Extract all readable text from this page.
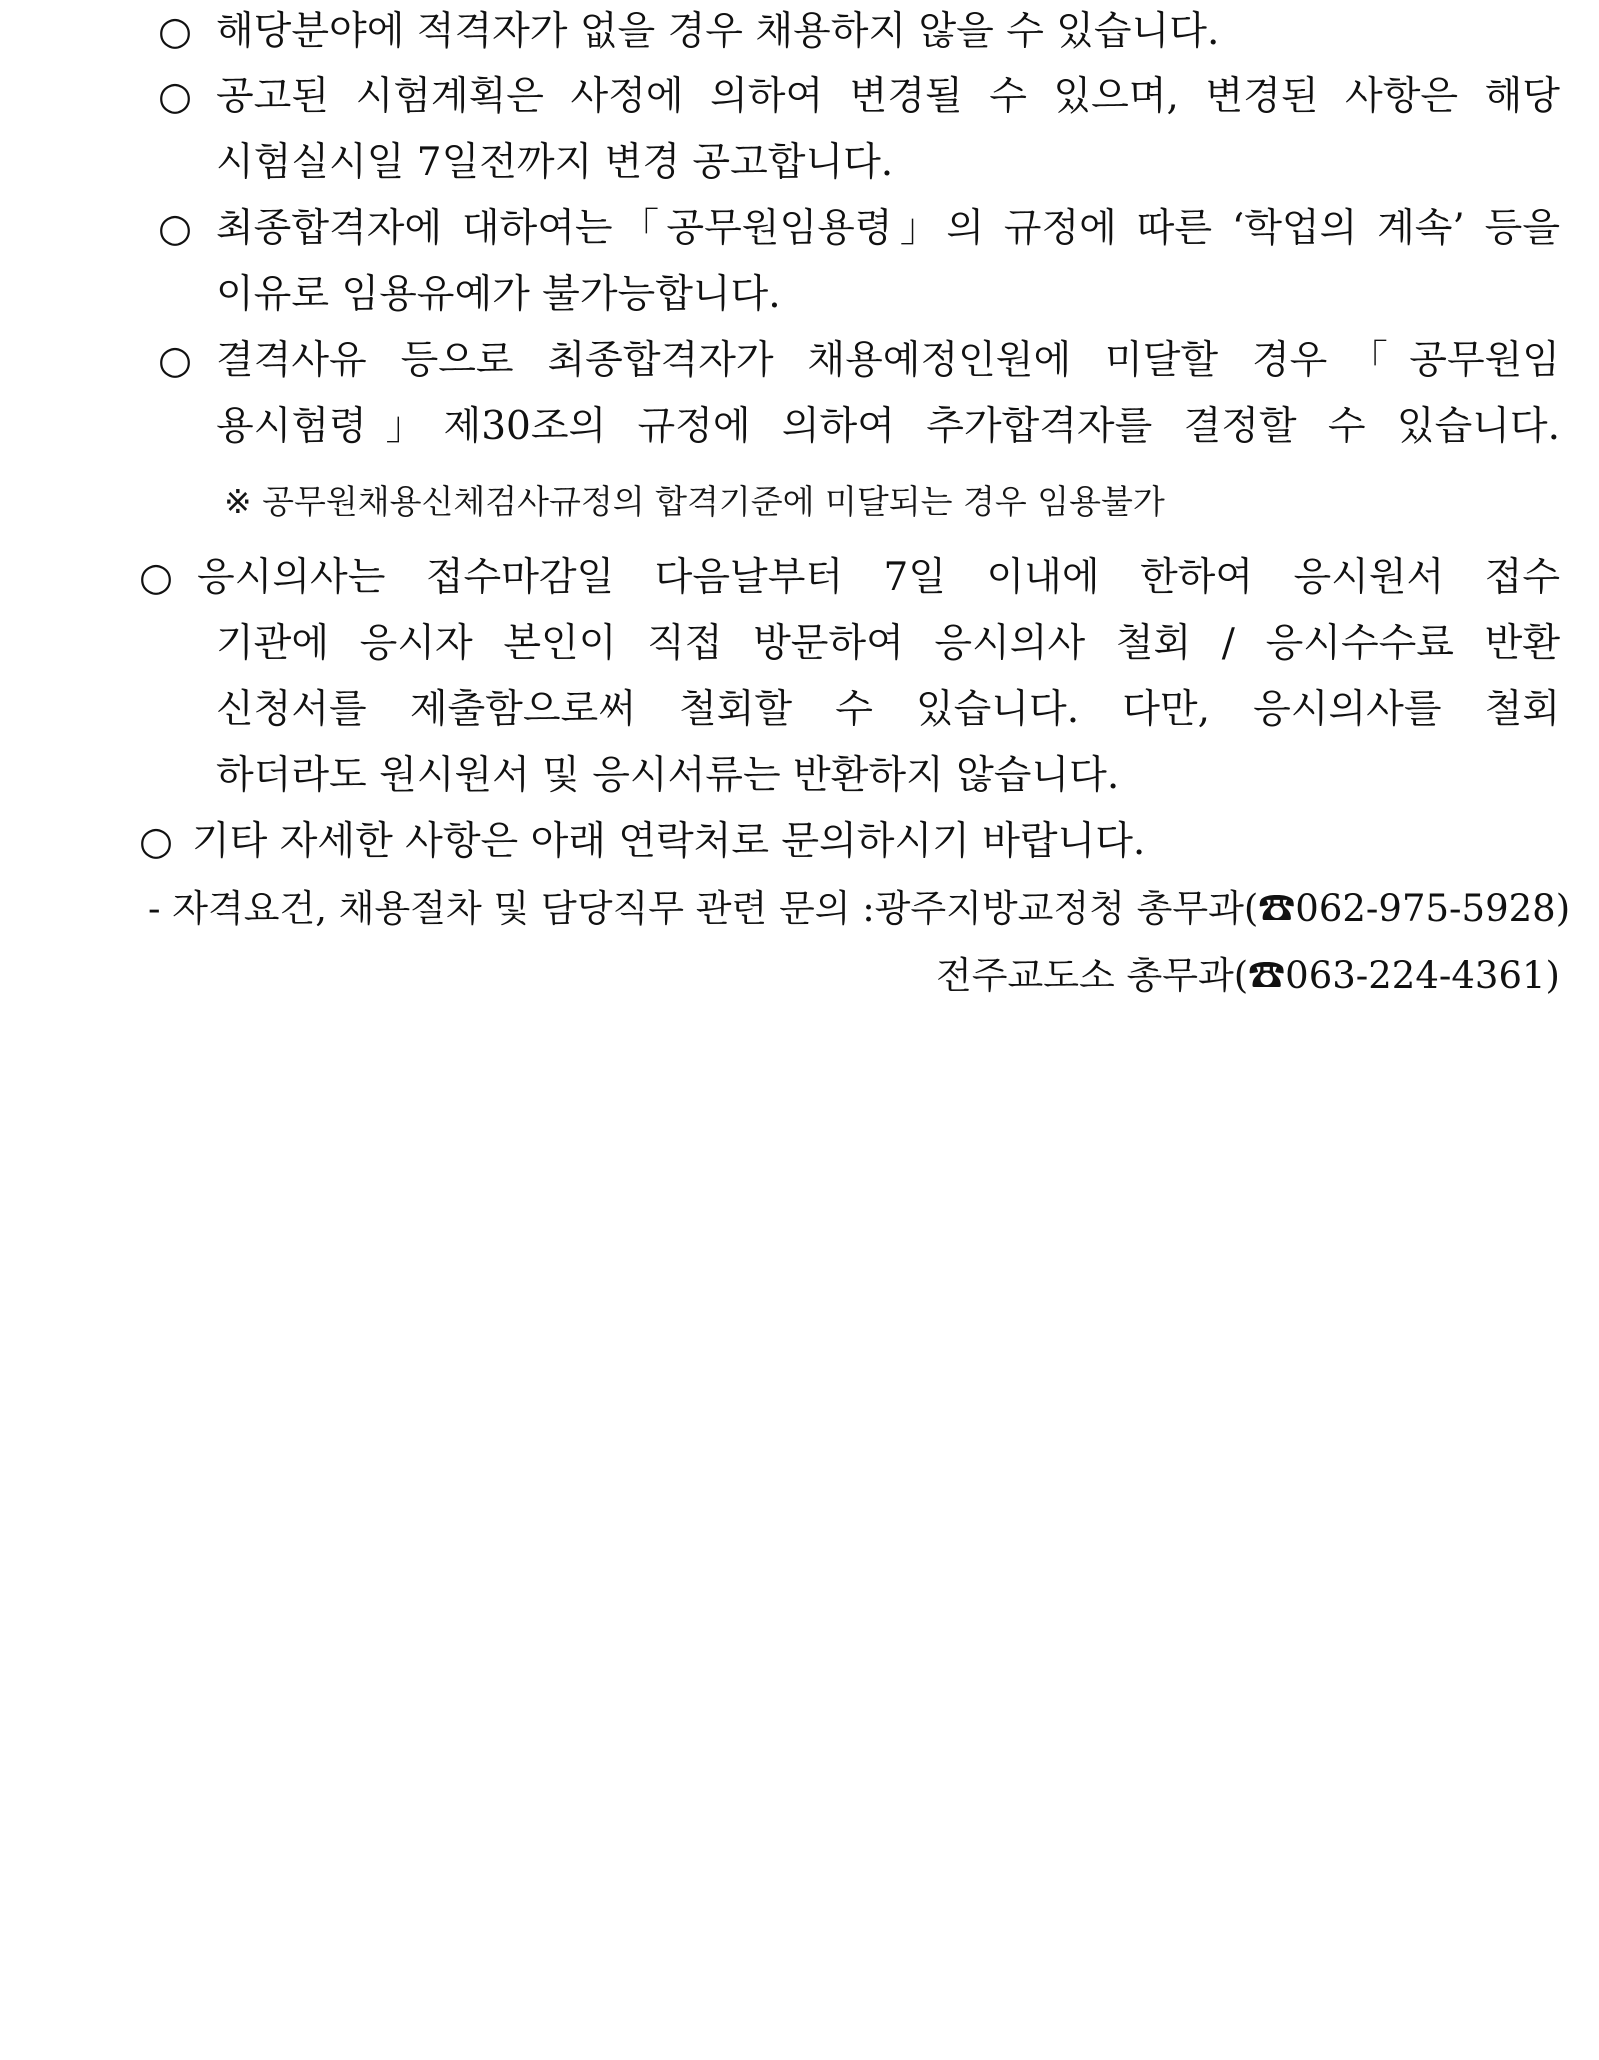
○ 해당분야에 적격자가 없을 경우 채용하지 않을 수 있습니다.
○ 공고된 시험계획은 사정에 의하여 변경될 수 있으며, 변경된 사항은 해당
시험실시일 7일전까지 변경 공고합니다.
○ 최종합격자에 대하여는「공무원임용령」의 규정에 따른 ‘학업의 계속’ 등을
이유로 임용유예가 불가능합니다.
○ 결격사유 등으로 최종합격자가 채용예정인원에 미달할 경우「공무원임
용시험령」제30조의 규정에 의하여 추가합격자를 결정할 수 있습니다.
※ 공무원채용신체검사규정의 합격기준에 미달되는 경우 임용불가
○ 응시의사는 접수마감일 다음날부터 7일 이내에 한하여 응시원서 접수
기관에 응시자 본인이 직접 방문하여 응시의사 철회 / 응시수수료 반환
신청서를 제출함으로써 철회할 수 있습니다. 다만, 응시의사를 철회
하더라도 원시원서 및 응시서류는 반환하지 않습니다.
○ 기타 자세한 사항은 아래 연락처로 문의하시기 바랍니다.
- 자격요건, 채용절차 및 담당직무 관련 문의 :광주지방교정청 총무과(☎062-975-5928)
전주교도소 총무과(☎063-224-4361)
